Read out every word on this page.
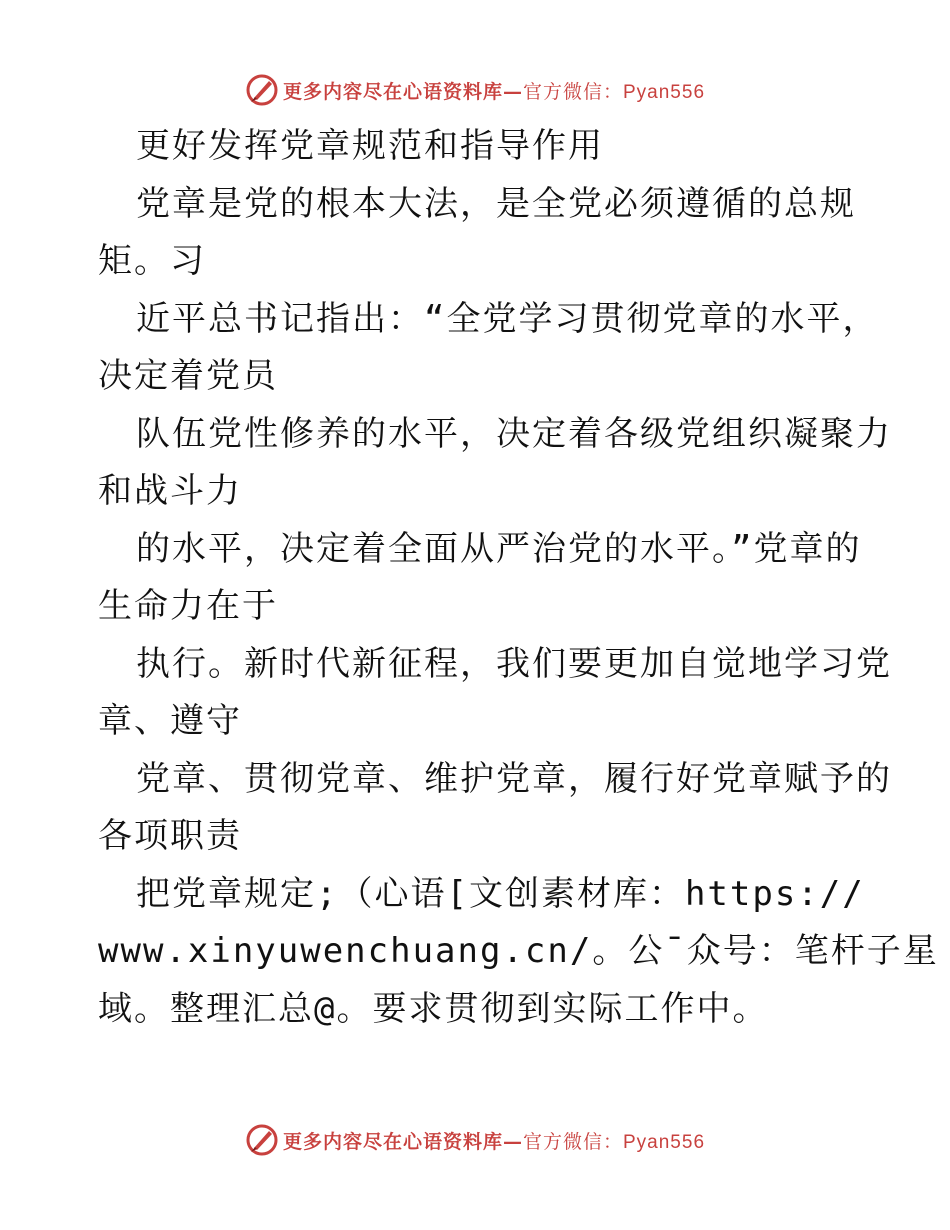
更多内容尽在心语资料库—官方微信：Pyan556
更好发挥党章规范和指导作用
党章是党的根本大法，是全党必须遵循的总规
矩。习
近平总书记指出：“全党学习贯彻党章的水平，
决定着党员
队伍党性修养的水平，决定着各级党组织凝聚力
和战斗力
的水平，决定着全面从严治党的水平。”党章的
生命力在于
执行。新时代新征程，我们要更加自觉地学习党
章、遵守
党章、贯彻党章、维护党章，履行好党章赋予的
各项职责
把党章规定;（心语[文创素材库：https://
www.xinyuwenchuang.cn/。公¯众号：笔杆子星
域。整理汇总@。要求贯彻到实际工作中。
更多内容尽在心语资料库—官方微信：Pyan556
